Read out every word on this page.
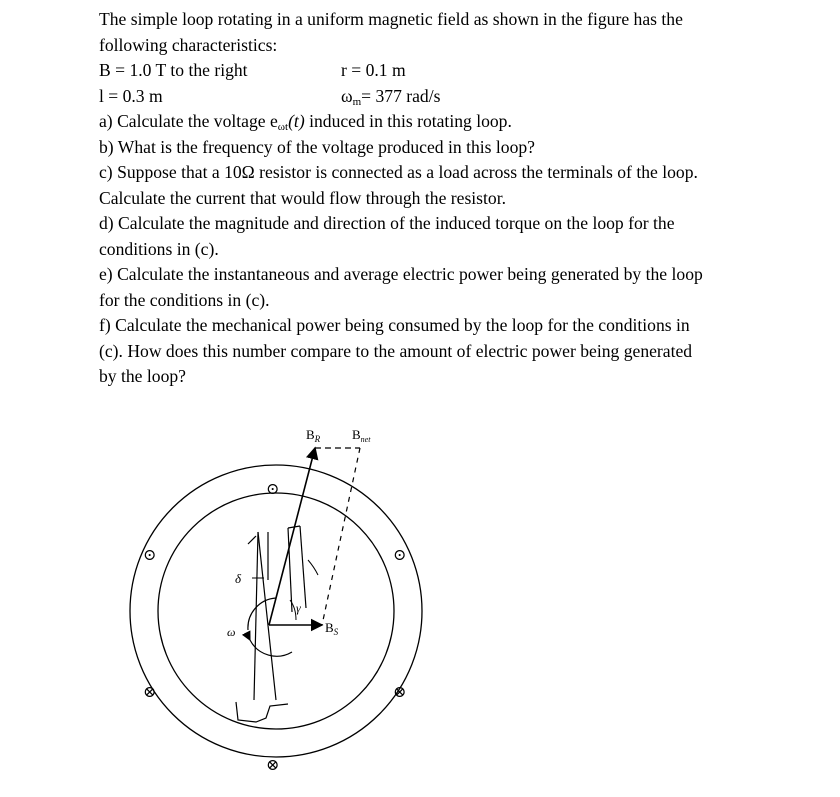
The simple loop rotating in a uniform magnetic field as shown in the figure has the
following characteristics:
B = 1.0 T to the right	r = 0.1 m
l = 0.3 m	$\omega_m= 377$ rad/s
a) Calculate the voltage $e_{\omega t}(t)$ induced in this rotating loop.
b) What is the frequency of the voltage produced in this loop?
c) Suppose that a 10Ω resistor is connected as a load across the terminals of the loop.
Calculate the current that would flow through the resistor.
d) Calculate the magnitude and direction of the induced torque on the loop for the
conditions in (c).
e) Calculate the instantaneous and average electric power being generated by the loop
for the conditions in (c).
f) Calculate the mechanical power being consumed by the loop for the conditions in
(c). How does this number compare to the amount of electric power being generated
by the loop?
$B_R$ $B_{net}$
$B_S$
δ
γ
ω
⊙
⊙	⊙
⊗	⊗
⊗
